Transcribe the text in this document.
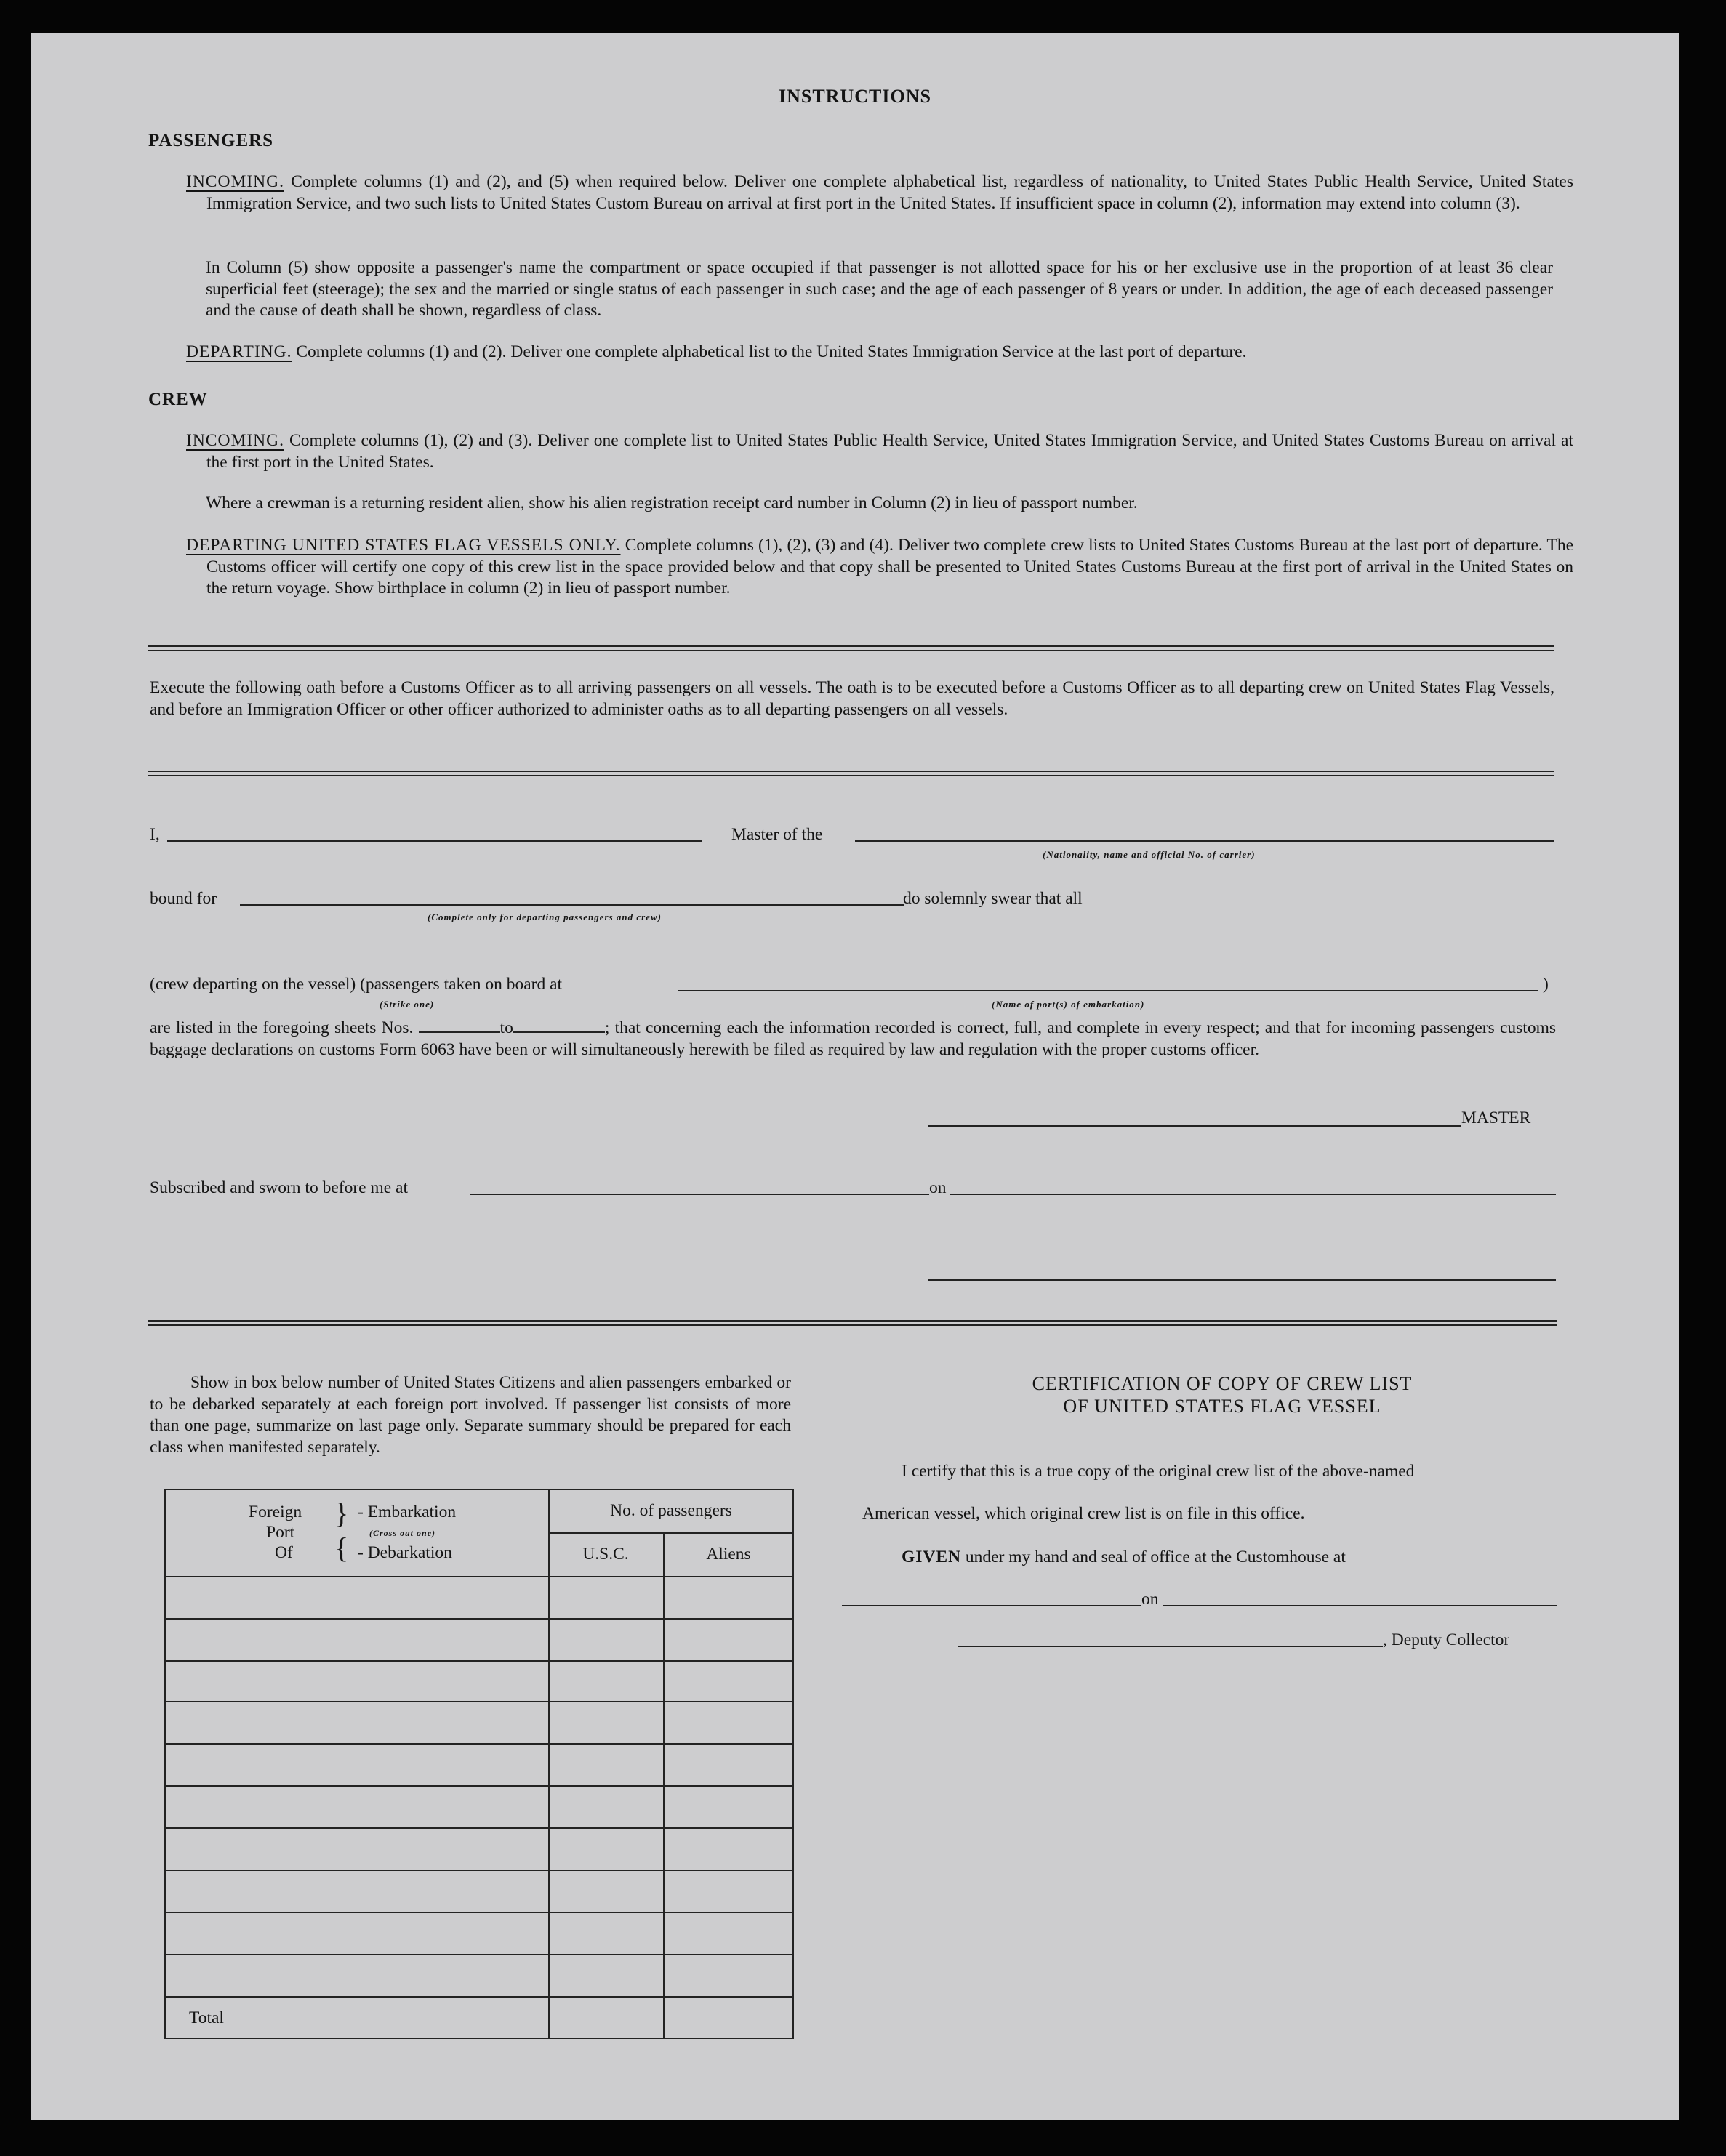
INSTRUCTIONS
PASSENGERS
INCOMING. Complete columns (1) and (2), and (5) when required below. Deliver one complete alphabetical list, regardless of nationality, to United States Public Health Service, United States Immigration Service, and two such lists to United States Custom Bureau on arrival at first port in the United States. If insufficient space in column (2), information may extend into column (3).
In Column (5) show opposite a passenger's name the compartment or space occupied if that passenger is not allotted space for his or her exclusive use in the proportion of at least 36 clear superficial feet (steerage); the sex and the married or single status of each passenger in such case; and the age of each passenger of 8 years or under. In addition, the age of each deceased passenger and the cause of death shall be shown, regardless of class.
DEPARTING. Complete columns (1) and (2). Deliver one complete alphabetical list to the United States Immigration Service at the last port of departure.
CREW
INCOMING. Complete columns (1), (2) and (3). Deliver one complete list to United States Public Health Service, United States Immigration Service, and United States Customs Bureau on arrival at the first port in the United States.
Where a crewman is a returning resident alien, show his alien registration receipt card number in Column (2) in lieu of passport number.
DEPARTING UNITED STATES FLAG VESSELS ONLY. Complete columns (1), (2), (3) and (4). Deliver two complete crew lists to United States Customs Bureau at the last port of departure. The Customs officer will certify one copy of this crew list in the space provided below and that copy shall be presented to United States Customs Bureau at the first port of arrival in the United States on the return voyage. Show birthplace in column (2) in lieu of passport number.
Execute the following oath before a Customs Officer as to all arriving passengers on all vessels. The oath is to be executed before a Customs Officer as to all departing crew on United States Flag Vessels, and before an Immigration Officer or other officer authorized to administer oaths as to all departing passengers on all vessels.
I,	Master of the
(Nationality, name and official No. of carrier)
bound for
(Complete only for departing passengers and crew)
do solemnly swear that all
(crew departing on the vessel) (passengers taken on board at	)
(Strike one)	(Name of port(s) of embarkation)
are listed in the foregoing sheets Nos.	to	; that concerning each the information recorded is correct, full, and complete in every respect; and that for incoming passengers customs baggage declarations on customs Form 6063 have been or will simultaneously herewith be filed as required by law and regulation with the proper customs officer.
MASTER
Subscribed and sworn to before me at	on
Show in box below number of United States Citizens and alien passengers embarked or to be debarked separately at each foreign port involved. If passenger list consists of more than one page, summarize on last page only. Separate summary should be prepared for each class when manifested separately.
Foreign
Port
Of
}
{
- Embarkation
(Cross out one)
- Debarkation
No. of passengers
U.S.C.	Aliens
Total
CERTIFICATION OF COPY OF CREW LIST
OF UNITED STATES FLAG VESSEL
I certify that this is a true copy of the original crew list of the above-named
American vessel, which original crew list is on file in this office.
GIVEN under my hand and seal of office at the Customhouse at
on
, Deputy Collector
